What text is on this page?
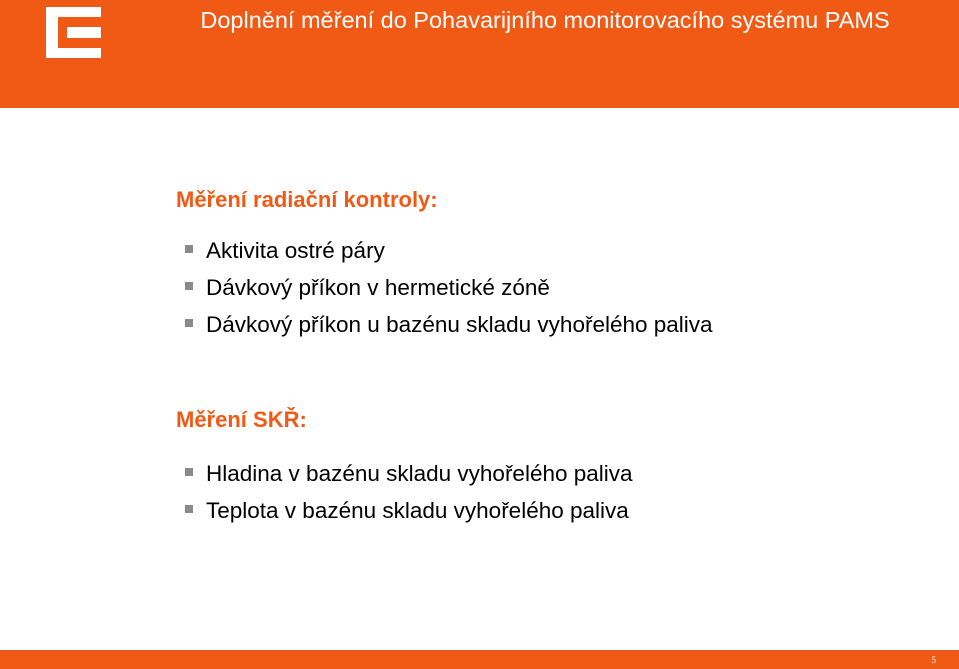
Doplnění měření do Pohavarijního monitorovacího systému PAMS
Měření radiační kontroly:
Aktivita ostré páry
Dávkový příkon v hermetické zóně
Dávkový příkon u bazénu skladu vyhořelého paliva
Měření SKŘ:
Hladina v bazénu skladu vyhořelého paliva
Teplota v bazénu skladu vyhořelého paliva
5
